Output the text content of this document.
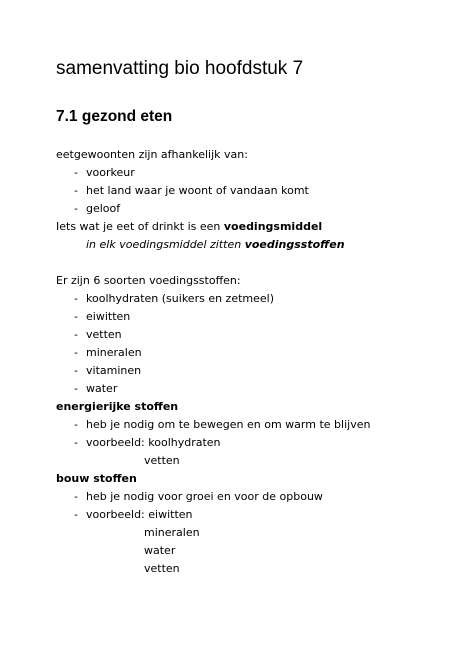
samenvatting bio hoofdstuk 7
7.1 gezond eten
eetgewoonten zijn afhankelijk van:
- voorkeur
- het land waar je woont of vandaan komt
- geloof
Iets wat je eet of drinkt is een voedingsmiddel
in elk voedingsmiddel zitten voedingsstoffen
Er zijn 6 soorten voedingsstoffen:
- koolhydraten (suikers en zetmeel)
- eiwitten
- vetten
- mineralen
- vitaminen
- water
energierijke stoffen
- heb je nodig om te bewegen en om warm te blijven
- voorbeeld: koolhydraten
vetten
bouw stoffen
- heb je nodig voor groei en voor de opbouw
- voorbeeld: eiwitten
mineralen
water
vetten
